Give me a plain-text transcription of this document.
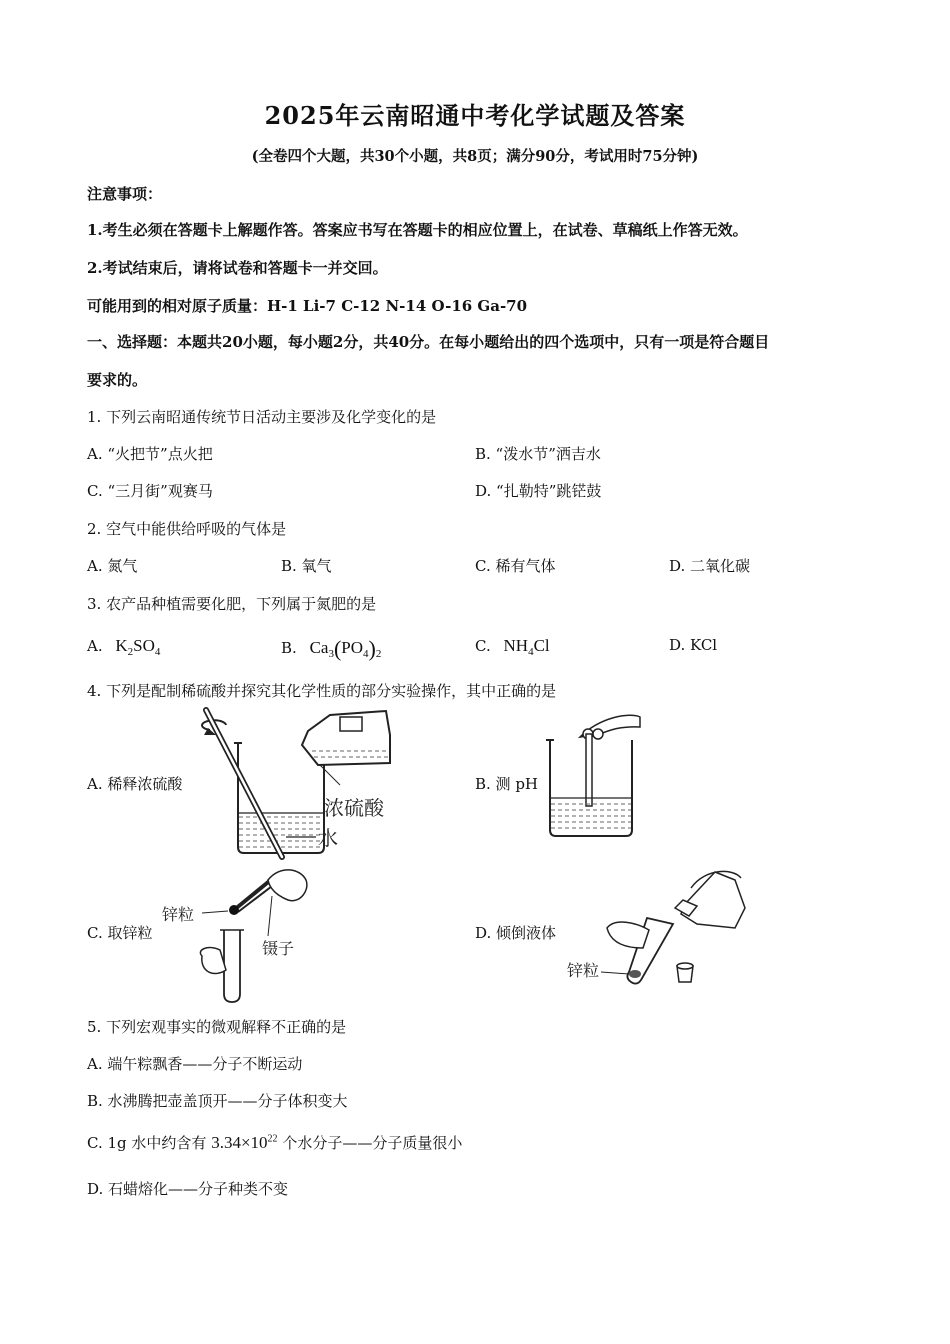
2025年云南昭通中考化学试题及答案
(全卷四个大题，共30个小题，共8页；满分90分，考试用时75分钟)
注意事项：
1.考生必须在答题卡上解题作答。答案应书写在答题卡的相应位置上，在试卷、草稿纸上作答无效。
2.考试结束后，请将试卷和答题卡一并交回。
可能用到的相对原子质量：H-1 Li-7 C-12 N-14 O-16 Ga-70
一、选择题：本题共20小题，每小题2分，共40分。在每小题给出的四个选项中，只有一项是符合题目
要求的。
1. 下列云南昭通传统节日活动主要涉及化学变化的是
A. “火把节”点火把	B. “泼水节”洒吉水
C. “三月街”观赛马	D. “扎勒特”跳铓鼓
2. 空气中能供给呼吸的气体是
A. 氮气	B. 氧气	C. 稀有气体	D. 二氧化碳
3. 农产品种植需要化肥，下列属于氮肥的是
A. $K_2SO_4$	B. $Ca_3(PO_4)_2$	C. $NH_4Cl$	D. KCl
4. 下列是配制稀硫酸并探究其化学性质的部分实验操作，其中正确的是
A. 稀释浓硫酸	B. 测 pH
C. 取锌粒	D. 倾倒液体
浓硫酸
水
锌粒
镊子
锌粒
5. 下列宏观事实的微观解释不正确的是
A. 端午粽飘香——分子不断运动
B. 水沸腾把壶盖顶开——分子体积变大
C. 1g 水中约含有 $3.34\times 10^{22}$ 个水分子——分子质量很小
D. 石蜡熔化——分子种类不变
